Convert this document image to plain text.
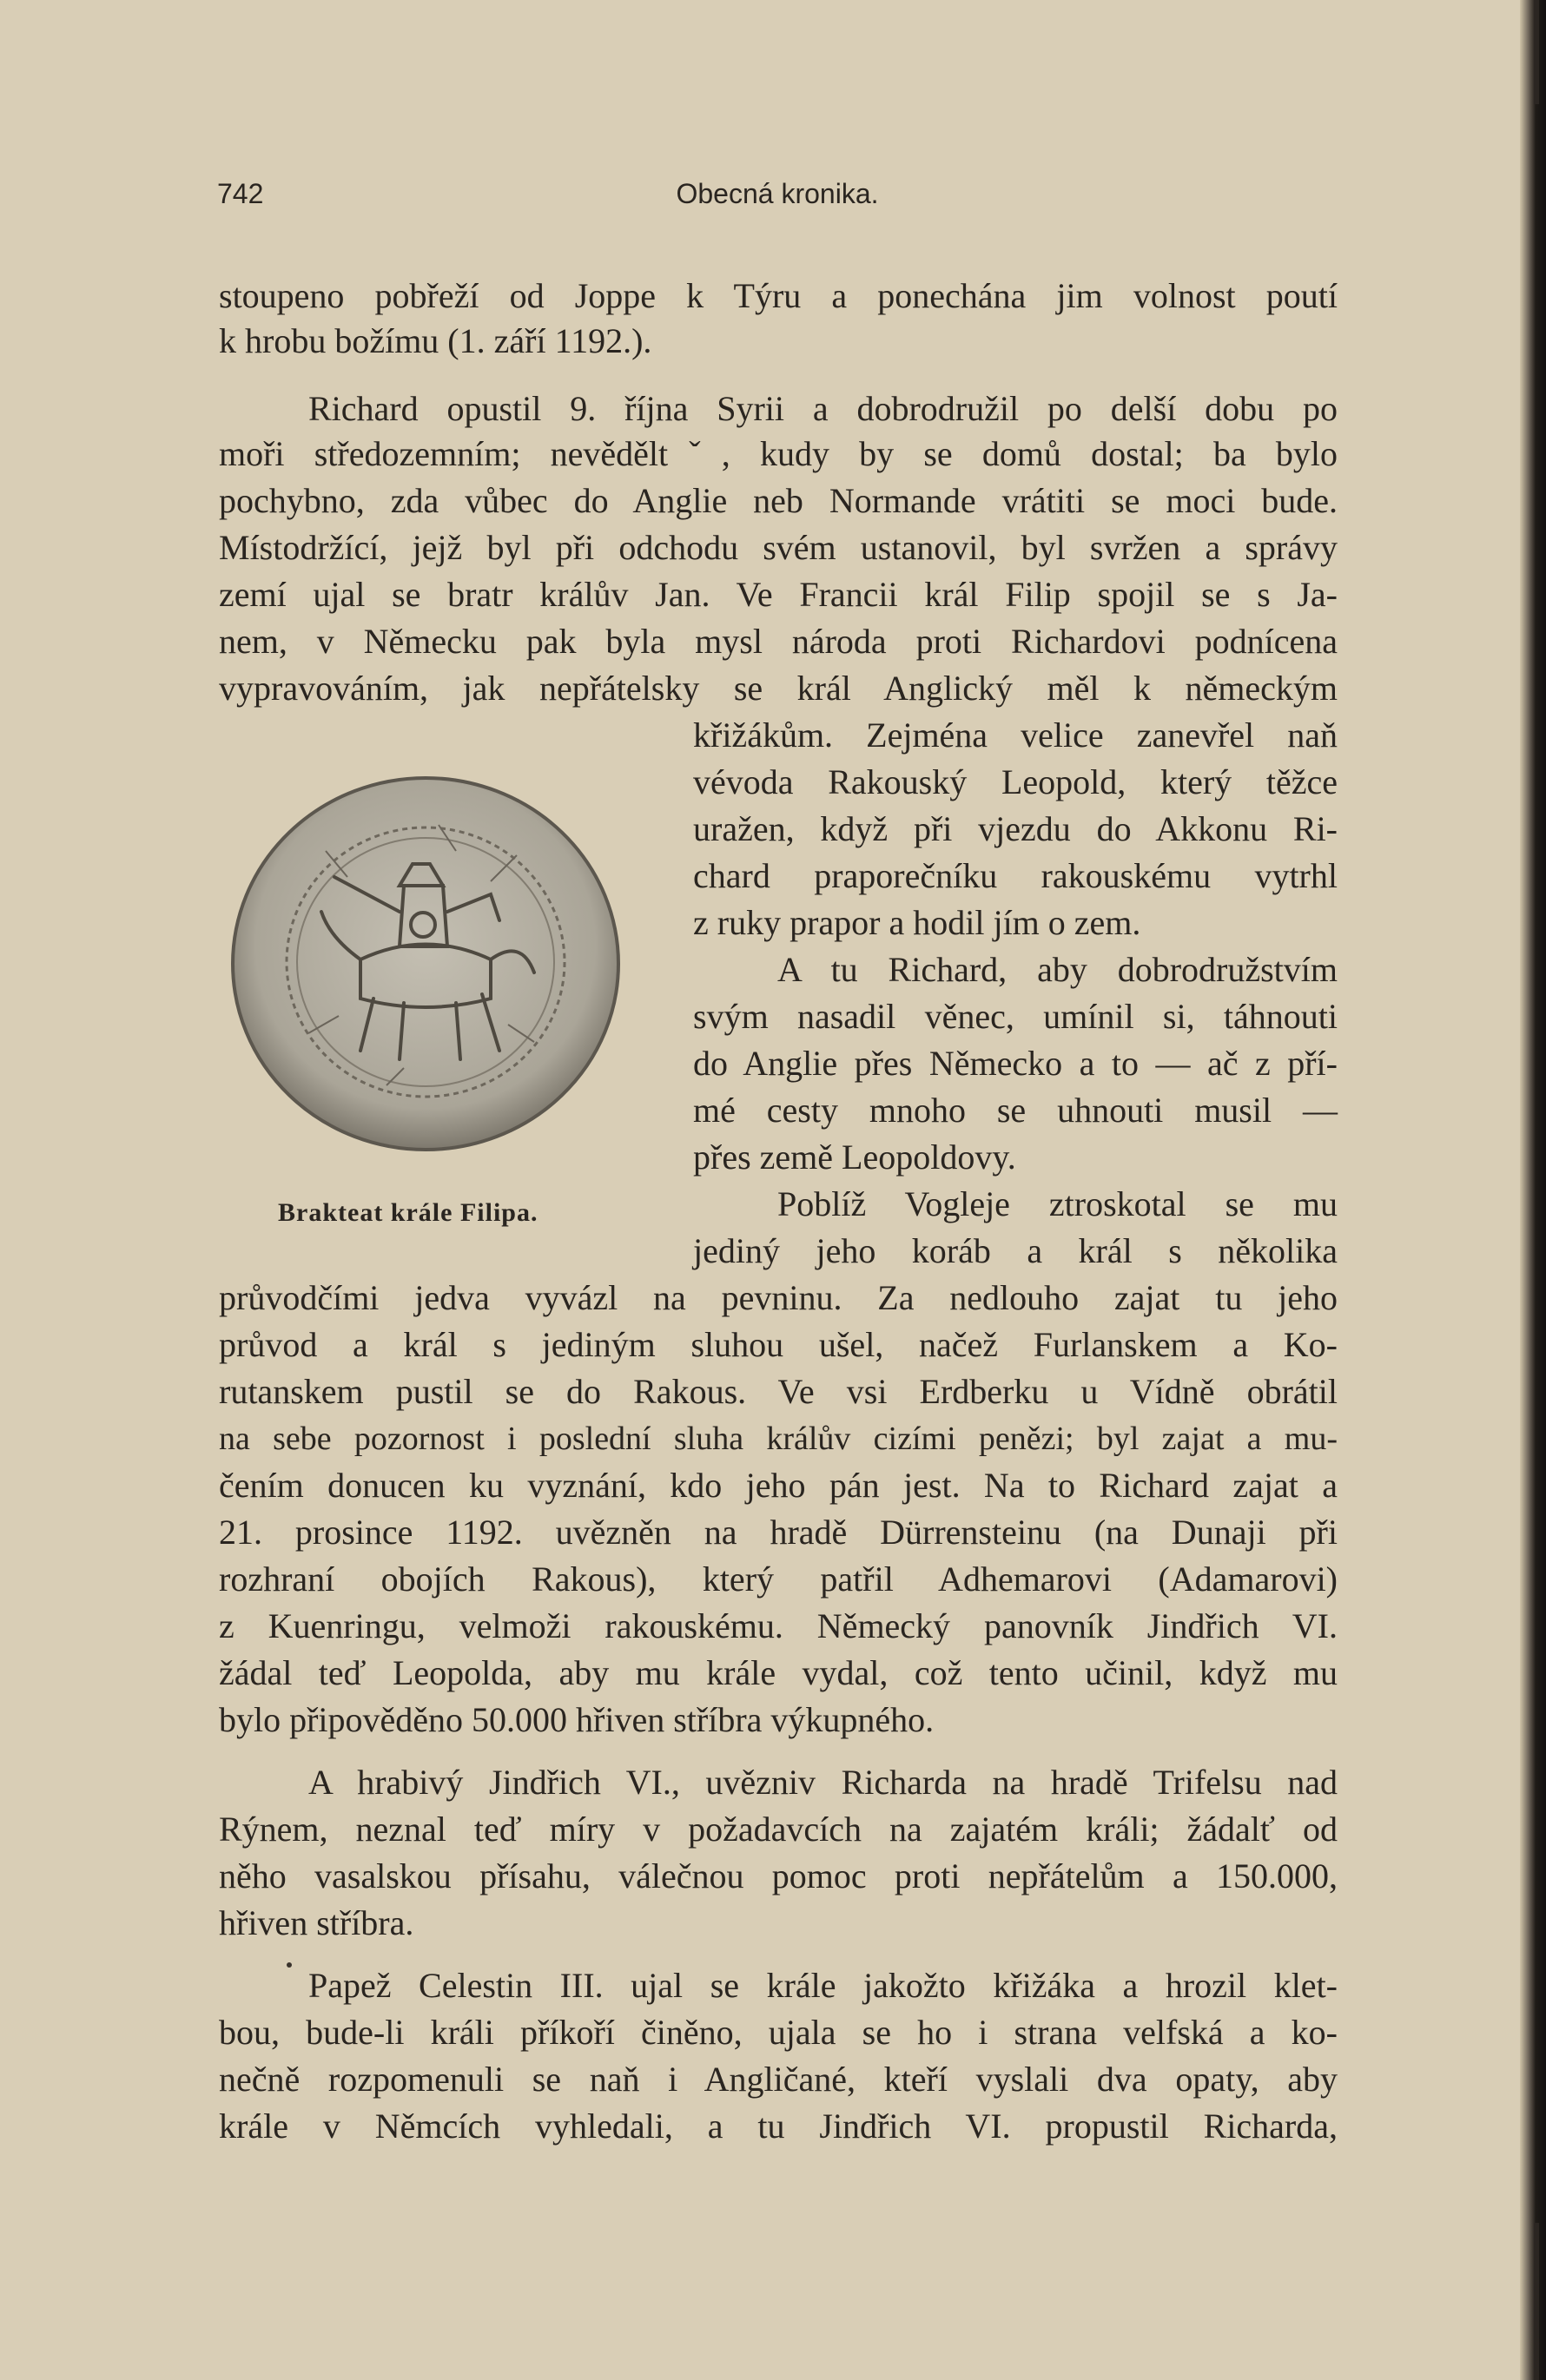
742	Obecná kronika.
stoupeno pobřeží od Joppe k Týru a ponechána jim volnost poutí
k hrobu božímu (1. září 1192.).
Richard opustil 9. října Syrii a dobrodružil po delší dobu po
moři středozemním; nevěděltˇ, kudy by se domů dostal; ba bylo
pochybno, zda vůbec do Anglie neb Normande vrátiti se moci bude.
Místodržící, jejž byl při odchodu svém ustanovil, byl svržen a správy
zemí ujal se bratr králův Jan. Ve Francii král Filip spojil se s Ja-
nem, v Německu pak byla mysl národa proti Richardovi podnícena
vypravováním, jak nepřátelsky se král Anglický měl k německým
křižákům. Zejména velice zanevřel naň
vévoda Rakouský Leopold, který těžce
uražen, když při vjezdu do Akkonu Ri-
chard praporečníku rakouskému vytrhl
z ruky prapor a hodil jím o zem.
A tu Richard, aby dobrodružstvím
svým nasadil věnec, umínil si, táhnouti
do Anglie přes Německo a to — ač z pří-
mé cesty mnoho se uhnouti musil —
přes země Leopoldovy.
Poblíž Vogleje ztroskotal se mu
jediný jeho koráb a král s několika
průvodčími jedva vyvázl na pevninu. Za nedlouho zajat tu jeho
průvod a král s jediným sluhou ušel, načež Furlanskem a Ko-
rutanskem pustil se do Rakous. Ve vsi Erdberku u Vídně obrátil
na sebe pozornost i poslední sluha králův cizími penězi; byl zajat a mu-
čením donucen ku vyznání, kdo jeho pán jest. Na to Richard zajat a
21. prosince 1192. uvězněn na hradě Dürrensteinu (na Dunaji při
rozhraní obojích Rakous), který patřil Adhemarovi (Adamarovi)
z Kuenringu, velmoži rakouskému. Německý panovník Jindřich VI.
žádal teď Leopolda, aby mu krále vydal, což tento učinil, když mu
bylo připověděno 50.000 hřiven stříbra výkupného.
A hrabivý Jindřich VI., uvězniv Richarda na hradě Trifelsu nad
Rýnem, neznal teď míry v požadavcích na zajatém králi; žádalť od
něho vasalskou přísahu, válečnou pomoc proti nepřátelům a 150.000,
hřiven stříbra.
Papež Celestin III. ujal se krále jakožto křižáka a hrozil klet-
bou, bude-li králi příkoří činěno, ujala se ho i strana velfská a ko-
nečně rozpomenuli se naň i Angličané, kteří vyslali dva opaty, aby
krále v Němcích vyhledali, a tu Jindřich VI. propustil Richarda,
Brakteat krále Filipa.
